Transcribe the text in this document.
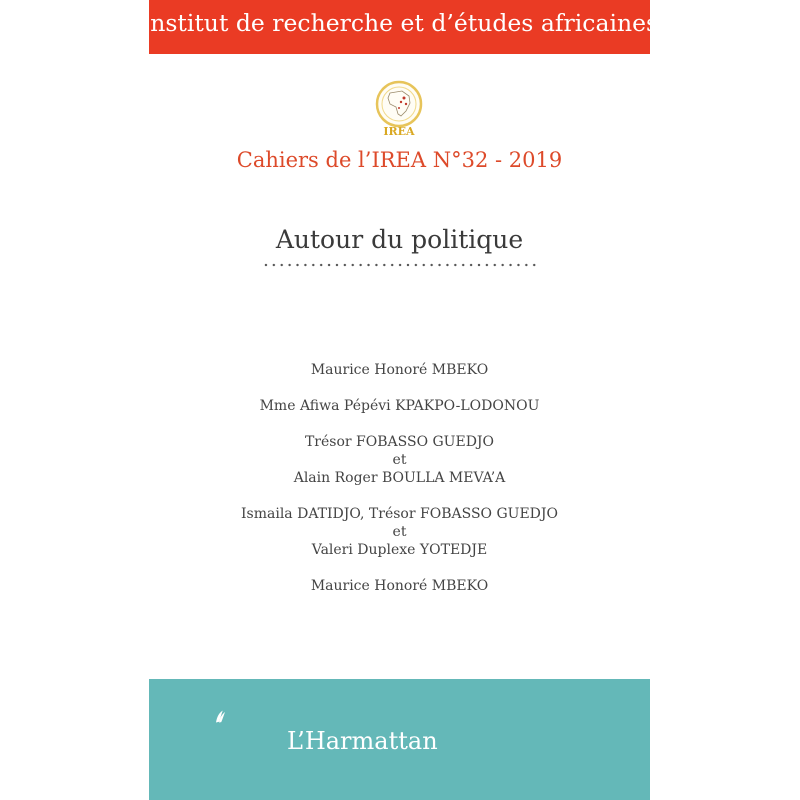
Institut de recherche et d’études africaines
IREA
Cahiers de l’IREA N°32 - 2019
Autour du politique
Maurice Honoré MBEKO
Mme Afiwa Pépévi KPAKPO-LODONOU
Trésor FOBASSO GUEDJO
et
Alain Roger BOULLA MEVA’A
Ismaila DATIDJO, Trésor FOBASSO GUEDJO
et
Valeri Duplexe YOTEDJE
Maurice Honoré MBEKO
L’Harmattan
